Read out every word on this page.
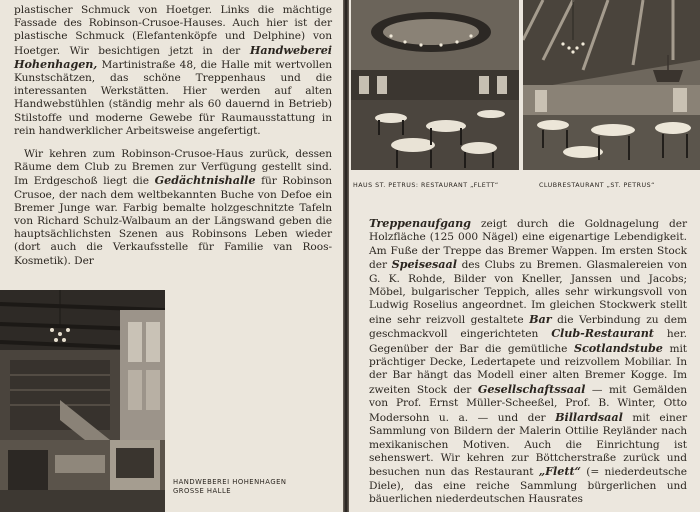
plastischer Schmuck von Hoetger. Links die mächtige Fassade des Robinson-Crusoe-Hauses. Auch hier ist der plastische Schmuck (Elefantenköpfe und Delphine) von Hoetger. Wir besichtigen jetzt in der Handweberei Hohenhagen, Martinistraße 48, die Halle mit wertvollen Kunstschätzen, das schöne Treppenhaus und die interessanten Werkstätten. Hier werden auf alten Handwebstühlen (ständig mehr als 60 dauernd in Betrieb) Stilstoffe und moderne Gewebe für Raumausstattung in rein handwerklicher Arbeitsweise angefertigt.

Wir kehren zum Robinson-Crusoe-Haus zurück, dessen Räume dem Club zu Bremen zur Verfügung gestellt sind. Im Erdgeschoß liegt die Gedächtnishalle für Robinson Crusoe, der nach dem weltbekannten Buche von Defoe ein Bremer Junge war. Farbig bemalte holzgeschnitzte Tafeln von Richard Schulz-Walbaum an der Längswand geben die hauptsächlichsten Szenen aus Robinsons Leben wieder (dort auch die Verkaufsstelle für Familie van Roos-Kosmetik). Der

HANDWEBEREI HOHENHAGEN
GROSSE HALLE
HAUS ST. PETRUS: RESTAURANT „FLETT“	CLUBRESTAURANT „ST. PETRUS“

Treppenaufgang zeigt durch die Goldnagelung der Holzfläche (125 000 Nägel) eine eigenartige Lebendigkeit. Am Fuße der Treppe das Bremer Wappen. Im ersten Stock der Speisesaal des Clubs zu Bremen. Glasmalereien von G. K. Rohde, Bilder von Kneller, Janssen und Jacobs; Möbel, bulgarischer Teppich, alles sehr wirkungsvoll von Ludwig Roselius angeordnet. Im gleichen Stockwerk stellt eine sehr reizvoll gestaltete Bar die Verbindung zu dem geschmackvoll eingerichteten Club-Restaurant her. Gegenüber der Bar die gemütliche Scotlandstube mit prächtiger Decke, Ledertapete und reizvollem Mobiliar. In der Bar hängt das Modell einer alten Bremer Kogge. Im zweiten Stock der Gesellschaftssaal — mit Gemälden von Prof. Ernst Müller-Scheeßel, Prof. B. Winter, Otto Modersohn u. a. — und der Billardsaal mit einer Sammlung von Bildern der Malerin Ottilie Reyländer nach mexikanischen Motiven. Auch die Einrichtung ist sehenswert. Wir kehren zur Böttcherstraße zurück und besuchen nun das Restaurant „Flett“ (= niederdeutsche Diele), das eine reiche Sammlung bürgerlichen und bäuerlichen niederdeutschen Hausrates
